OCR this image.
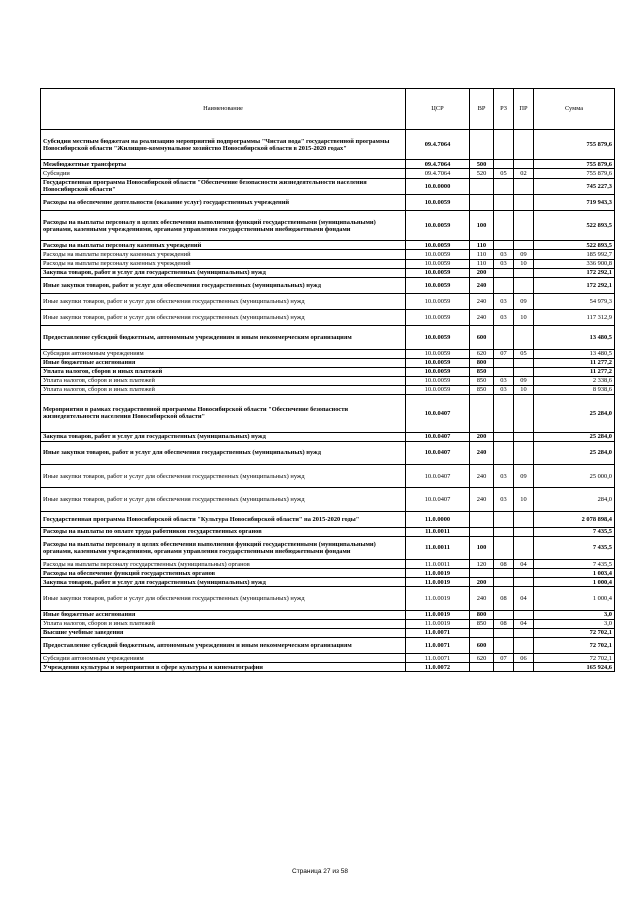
Наименование	ЦСР	ВР	РЗ	ПР	Сумма
Субсидии местным бюджетам на реализацию мероприятий подпрограммы "Чистая вода" государственной программы Новосибирской области "Жилищно-коммунальное хозяйство Новосибирской области в 2015-2020 годах"	09.4.7064				755 879,6
Межбюджетные трансферты	09.4.7064	500			755 879,6
Субсидии	09.4.7064	520	05	02	755 879,6
Государственная программа Новосибирской области "Обеспечение безопасности жизнедеятельности населения Новосибирской области"	10.0.0000				745 227,3
Расходы на обеспечение деятельности (оказание услуг) государственных учреждений	10.0.0059				719 943,3
Расходы на выплаты персоналу в целях обеспечения выполнения функций государственными (муниципальными) органами, казенными учреждениями, органами управления государственными внебюджетными фондами	10.0.0059	100			522 893,5
Расходы на выплаты персоналу казенных учреждений	10.0.0059	110			522 893,5
Расходы на выплаты персоналу казенных учреждений	10.0.0059	110	03	09	185 992,7
Расходы на выплаты персоналу казенных учреждений	10.0.0059	110	03	10	336 900,8
Закупка товаров, работ и услуг для государственных (муниципальных) нужд	10.0.0059	200			172 292,1
Иные закупки товаров, работ и услуг для обеспечения государственных (муниципальных) нужд	10.0.0059	240			172 292,1
Иные закупки товаров, работ и услуг для обеспечения государственных (муниципальных) нужд	10.0.0059	240	03	09	54 979,3
Иные закупки товаров, работ и услуг для обеспечения государственных (муниципальных) нужд	10.0.0059	240	03	10	117 312,9
Предоставление субсидий бюджетным, автономным учреждениям и иным некоммерческим организациям	10.0.0059	600			13 480,5
Субсидии автономным учреждениям	10.0.0059	620	07	05	13 480,5
Иные бюджетные ассигнования	10.0.0059	800			11 277,2
Уплата налогов, сборов и иных платежей	10.0.0059	850			11 277,2
Уплата налогов, сборов и иных платежей	10.0.0059	850	03	09	2 338,6
Уплата налогов, сборов и иных платежей	10.0.0059	850	03	10	8 938,6
Мероприятия в рамках государственной программы Новосибирской области "Обеспечение безопасности жизнедеятельности населения Новосибирской области"	10.0.0407				25 284,0
Закупка товаров, работ и услуг для государственных (муниципальных) нужд	10.0.0407	200			25 284,0
Иные закупки товаров, работ и услуг для обеспечения государственных (муниципальных) нужд	10.0.0407	240			25 284,0
Иные закупки товаров, работ и услуг для обеспечения государственных (муниципальных) нужд	10.0.0407	240	03	09	25 000,0
Иные закупки товаров, работ и услуг для обеспечения государственных (муниципальных) нужд	10.0.0407	240	03	10	284,0
Государственная программа Новосибирской области "Культура Новосибирской области" на 2015-2020 годы"	11.0.0000				2 078 898,4
Расходы на выплаты по оплате труда работников государственных органов	11.0.0011				7 435,5
Расходы на выплаты персоналу в целях обеспечения выполнения функций государственными (муниципальными) органами, казенными учреждениями, органами управления государственными внебюджетными фондами	11.0.0011	100			7 435,5
Расходы на выплаты персоналу государственных (муниципальных) органов	11.0.0011	120	08	04	7 435,5
Расходы на обеспечение функций государственных органов	11.0.0019				1 003,4
Закупка товаров, работ и услуг для государственных (муниципальных) нужд	11.0.0019	200			1 000,4
Иные закупки товаров, работ и услуг для обеспечения государственных (муниципальных) нужд	11.0.0019	240	08	04	1 000,4
Иные бюджетные ассигнования	11.0.0019	800			3,0
Уплата налогов, сборов и иных платежей	11.0.0019	850	08	04	3,0
Высшие учебные заведения	11.0.0071				72 702,1
Предоставление субсидий бюджетным, автономным учреждениям и иным некоммерческим организациям	11.0.0071	600			72 702,1
Субсидии автономным учреждениям	11.0.0071	620	07	06	72 702,1
Учреждения культуры и мероприятия в сфере культуры и кинематографии	11.0.0072				165 924,6
Страница 27 из 58
